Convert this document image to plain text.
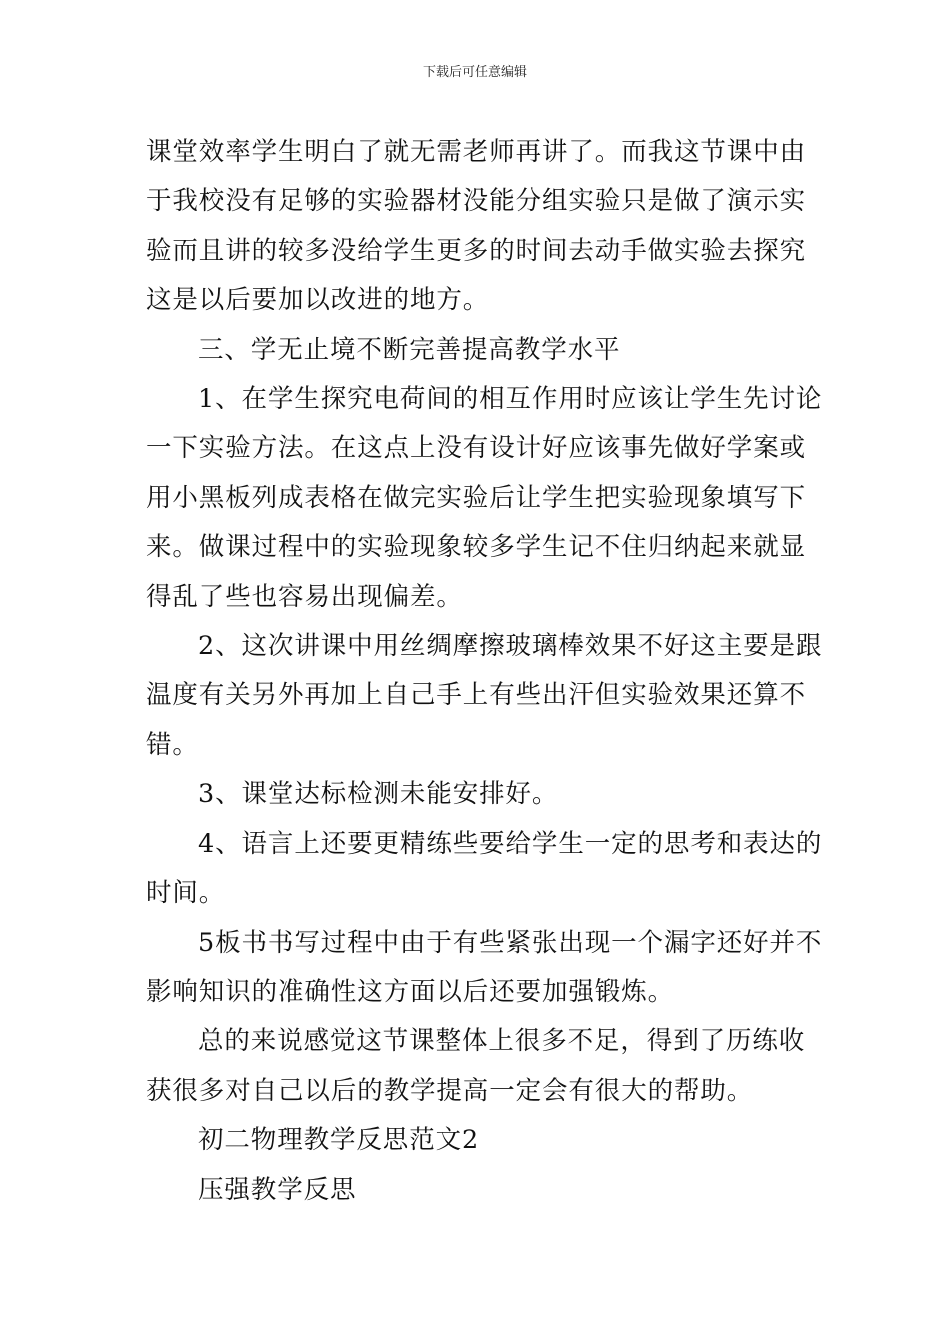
下载后可任意编辑

课堂效率学生明白了就无需老师再讲了。而我这节课中由
于我校没有足够的实验器材没能分组实验只是做了演示实
验而且讲的较多没给学生更多的时间去动手做实验去探究
这是以后要加以改进的地方。

三、学无止境不断完善提高教学水平

1、在学生探究电荷间的相互作用时应该让学生先讨论
一下实验方法。在这点上没有设计好应该事先做好学案或
用小黑板列成表格在做完实验后让学生把实验现象填写下
来。做课过程中的实验现象较多学生记不住归纳起来就显
得乱了些也容易出现偏差。

2、这次讲课中用丝绸摩擦玻璃棒效果不好这主要是跟
温度有关另外再加上自己手上有些出汗但实验效果还算不
错。

3、课堂达标检测未能安排好。

4、语言上还要更精练些要给学生一定的思考和表达的
时间。

5板书书写过程中由于有些紧张出现一个漏字还好并不
影响知识的准确性这方面以后还要加强锻炼。

总的来说感觉这节课整体上很多不足，得到了历练收
获很多对自己以后的教学提高一定会有很大的帮助。

初二物理教学反思范文2

压强教学反思
